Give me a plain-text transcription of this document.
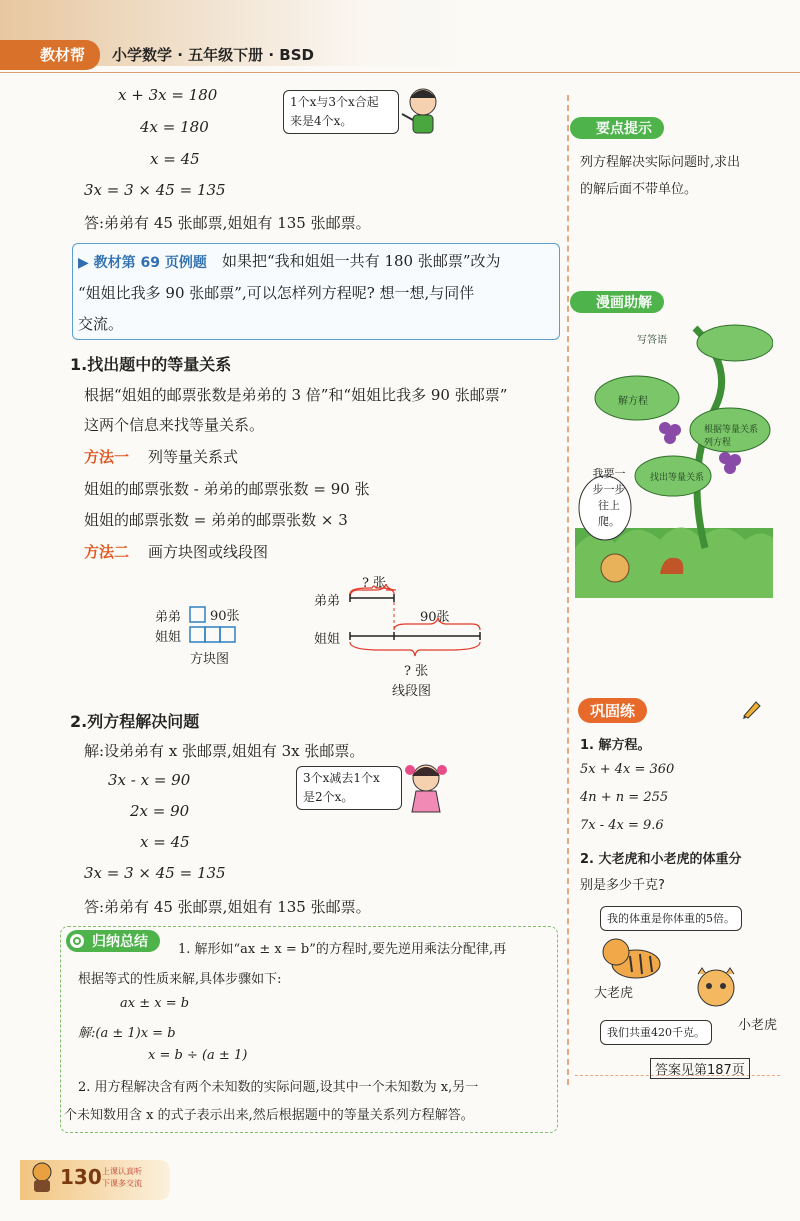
教材帮	小学数学 · 五年级下册 · BSD
x + 3x = 180
4x = 180
x = 45
3x = 3 × 45 = 135
答:弟弟有 45 张邮票,姐姐有 135 张邮票。
1个x与3个x合起
来是4个x。
▶ 教材第 69 页例题 如果把“我和姐姐一共有 180 张邮票”改为
“姐姐比我多 90 张邮票”,可以怎样列方程呢? 想一想,与同伴
交流。
1.找出题中的等量关系
根据“姐姐的邮票张数是弟弟的 3 倍”和“姐姐比我多 90 张邮票”
这两个信息来找等量关系。
方法一 列等量关系式
姐姐的邮票张数 - 弟弟的邮票张数 = 90 张
姐姐的邮票张数 = 弟弟的邮票张数 × 3
方法二 画方块图或线段图
弟弟
姐姐
90张
方块图
? 张
弟弟
90张
姐姐
? 张
线段图
2.列方程解决问题
解:设弟弟有 x 张邮票,姐姐有 3x 张邮票。
3x - x = 90
2x = 90
x = 45
3x = 3 × 45 = 135
答:弟弟有 45 张邮票,姐姐有 135 张邮票。
3个x减去1个x
是2个x。
归纳总结	1. 解形如“ax ± x = b”的方程时,要先逆用乘法分配律,再
根据等式的性质来解,具体步骤如下:
ax ± x = b
解:(a ± 1)x = b
x = b ÷ (a ± 1)
2. 用方程解决含有两个未知数的实际问题,设其中一个未知数为 x,另一
个未知数用含 x 的式子表示出来,然后根据题中的等量关系列方程解答。
要点提示
列方程解决实际问题时,求出
的解后面不带单位。
漫画助解
写答语
解方程
根据等量关系列方程
找出等量关系
我要一
步一步
往上爬。
巩固练
1. 解方程。
5x + 4x = 360
4n + n = 255
7x - 4x = 9.6
2. 大老虎和小老虎的体重分
别是多少千克?
我的体重是你体重的5倍。
大老虎
小老虎
我们共重420千克。
答案见第187页
130 上课认真听
下课多交流
